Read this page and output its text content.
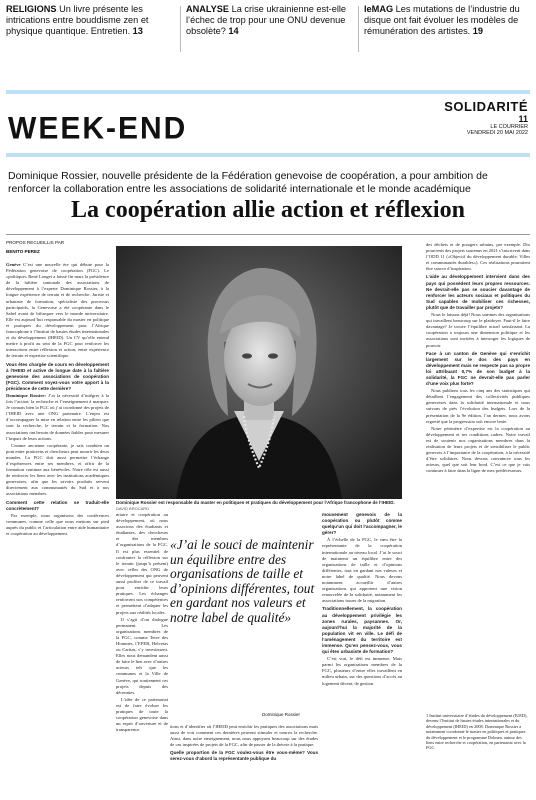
RELIGIONS Un livre présente les intrications entre bouddisme zen et physique quantique. Entretien. 13
ANALYSE La crise ukrainienne est-elle l’échec de trop pour une ONU devenue obsolète? 14
leMAG Les mutations de l’industrie du disque ont fait évoluer les modèles de rémunération des artistes. 19
WEEK-END
SOLIDARITÉ
11
LE COURRIER
VENDREDI 20 MAI 2022
Dominique Rossier, nouvelle présidente de la Fédération genevoise de coopération, a pour ambition de renforcer la collaboration entre les associations de solidarité internationale et le monde académique
La coopération allie action et réflexion
PROPOS RECUEILLIS PAR
BENITO PEREZ

Genève C’est une nouvelle ère qui débute pour la Fédération genevoise de coopération (FGC). Le «politique» René Longet a laissé fin mars la présidence de la faîtière cantonale des associations de développement à l’experte Dominique Rossier, à la longue expérience de terrain et de recherche. Juriste et urbaniste de formation, spécialiste des processus participatifs, la Genevoise a été coopérante dans le Sahel avant de bifurquer vers le monde universitaire. Elle est aujourd’hui responsable du master en politique et pratiques du développement pour l’Afrique francophone à l’Institut de hautes études internationales et du développement (IHEID). Un CV qu’elle entend mettre à profit au sein de la FGC pour renforcer les interactions entre réflexion et action, entre expérience de terrain et expertise scientifique.

Vous êtes chargée de cours en développement à l’IHEID et active de longue date à la faîtière genevoise des associations de coopération (FGC). Comment voyez-vous votre apport à la présidence de cette dernière?

Dominique Rossier: J’ai la nécessité d’intégrer à la fois l’action, la recherche et l’enseignement à marquer. Je connais bien la FGC où j’ai coordonné des projets de l’IHEID avec une ONG partenaire. L’enjeu est d’accompagner la mise en relation entre les piliers que sont la recherche, le terrain et la formation. Nos associations ont besoin de données fiables pour mesurer l’impact de leurs actions.

Comme ancienne coopérante, je sais combien un pont entre praticiens et chercheurs peut nourrir les deux mondes. La FGC doit aussi permettre l’échange d’expériences entre ses membres, et offrir de la formation continue aux bénévoles. Notre rôle est aussi de renforcer les liens avec les institutions académiques genevoises, afin que les savoirs produits servent directement aux communautés du Sud et à nos associations membres.

Comment cette relation se traduit-elle concrètement?

Par exemple, nous organisons des conférences communes, comme celle que nous mettons sur pied auprès du public et l’articulation entre aide humanitaire et coopération au développement.

Dominique Rossier est responsable du master en politiques et pratiques du développement pour l’Afrique francophone de l’IHEID. DAVID BROCARD

nitaire et coopération au développement, où nous associons des étudiants et étudiantes, des chercheurs et des membres d’organisations de la FGC. Il est plus essentiel de confronter la réflexion sur le terrain (jusqu’à présent) avec celles des ONG de développement qui peuvent aussi profiter de ce travail pour enrichir leurs pratiques. Les échanges renforcent nos compétences et permettent d’adapter les projets aux réalités locales.

Il s’agit d’un dialogue permanent. Les organisations membres de la FGC, comme Terre des Hommes, l’EPER, Helvetas ou Caritas, s’y investissent. Elles nous demandent aussi de faire le lien avec d’autres acteurs tels que les communes et la Ville de Genève, qui soutiennent ces projets depuis des décennies.

L’idée de ce partenariat est de faire évoluer les pratiques de toute la coopération genevoise dans un esprit d’ouverture et de transparence.

«J’ai le souci de maintenir un équilibre entre des organisations de taille et d’opinions différentes, tout en gardant nos valeurs et notre label de qualité»
Dominique Rossier

tions et d’identifier où l’IHEID peut enrichir les pratiques des associations mais aussi de voir comment ces dernières peuvent stimuler et nourrir la recherche. Ainsi, dans notre enseignement, nous nous appuyons beaucoup sur des études de cas inspirées de projets de la FGC, afin de passer de la théorie à la pratique.

Quelle proportion de la FGC voulez-vous être vous-même? Vous serez-vous d’abord la représentante publique du

mouvement genevois de la coopération ou plutôt comme quelqu’un qui doit l’accompagner, le gérer?

À l’échelle de la FGC, le vœu être la représentante de la coopération internationale au niveau local. J’ai le souci de maintenir un équilibre entre des organisations de taille et d’opinions différentes, tout en gardant nos valeurs et notre label de qualité. Nous devons notamment accueillir d’autres organisations qui apportent une vision renouvelée de la solidarité, notamment les associations issues de la migration.

Traditionnellement, la coopération au développement privilégie les zones rurales, paysannes. Or, aujourd’hui la majorité de la population vit en ville. Le défi de l’aménagement du territoire est immense. Qu’en pensez-vous, vous qui êtes urbaniste de formation?

C’est vrai, le défi est immense. Mais parmi les organisations membres de la FGC, plusieurs d’entre elles travaillent en milieu urbain, sur des questions d’accès au logement décent, de gestion

1 Institut universitaire d’études du développement (IUED), devenu l’Institut de hautes études internationales et du développement (IHEID) en 2008. Dominique Rossier a notamment coordonné le master en politiques et pratiques du développement et le programme Dolmen, autour des liens entre recherche et coopération, en partenariat avec la FGC.

des déchets et de potagers urbains, par exemple. Dix pourcents des projets soutenus en 2021 s’inscrivent dans l’ODD 11 («Objectif du développement durable, Villes et communautés durables»). Ces réalisations pourraient être source d’inspiration.

L’aide au développement intervient dans des pays qui possèdent leurs propres ressources. Ne devrait-elle pas se soucier davantage de renforcer les acteurs sociaux et politiques du Sud capables de mobiliser ces richesses, plutôt que de travailler par projets?

Nous le faisons déjà! Nous sommes des organisations qui travaillent beaucoup sur le plaidoyer. Faut-il le faire davantage? Je trouve l’équilibre actuel satisfaisant. La coopération a toujours une dimension politique et les associations sont invitées à interroger les logiques de pouvoir.

Face à un canton de Genève qui s’enrichit largement sur le dos des pays en développement mais ne respecte pas sa propre loi attribuant 0,7% de son budget à la solidarité, la FGC ne devrait-elle pas parler d’une voix plus forte?

Nous publions tous les cinq ans des statistiques qui détaillent l’engagement des collectivités publiques genevoises dans la solidarité internationale et nous suivons de près l’évolution des budgets. Lors de la présentation de la 9e édition, l’an dernier, nous avons regretté que la progression soit encore lente.

Notre périmètre d’expertise est la coopération au développement et ses conditions cadres. Notre travail est de soutenir nos organisations membres dans la réalisation de leurs projets et de sensibiliser le public genevois à l’importance de la coopération, à la nécessité d’être solidaires. Nous devons convaincre tous les acteurs, quel que soit leur bord. C’est ce que je vais continuer à faire dans la ligne de mes prédécesseurs.
